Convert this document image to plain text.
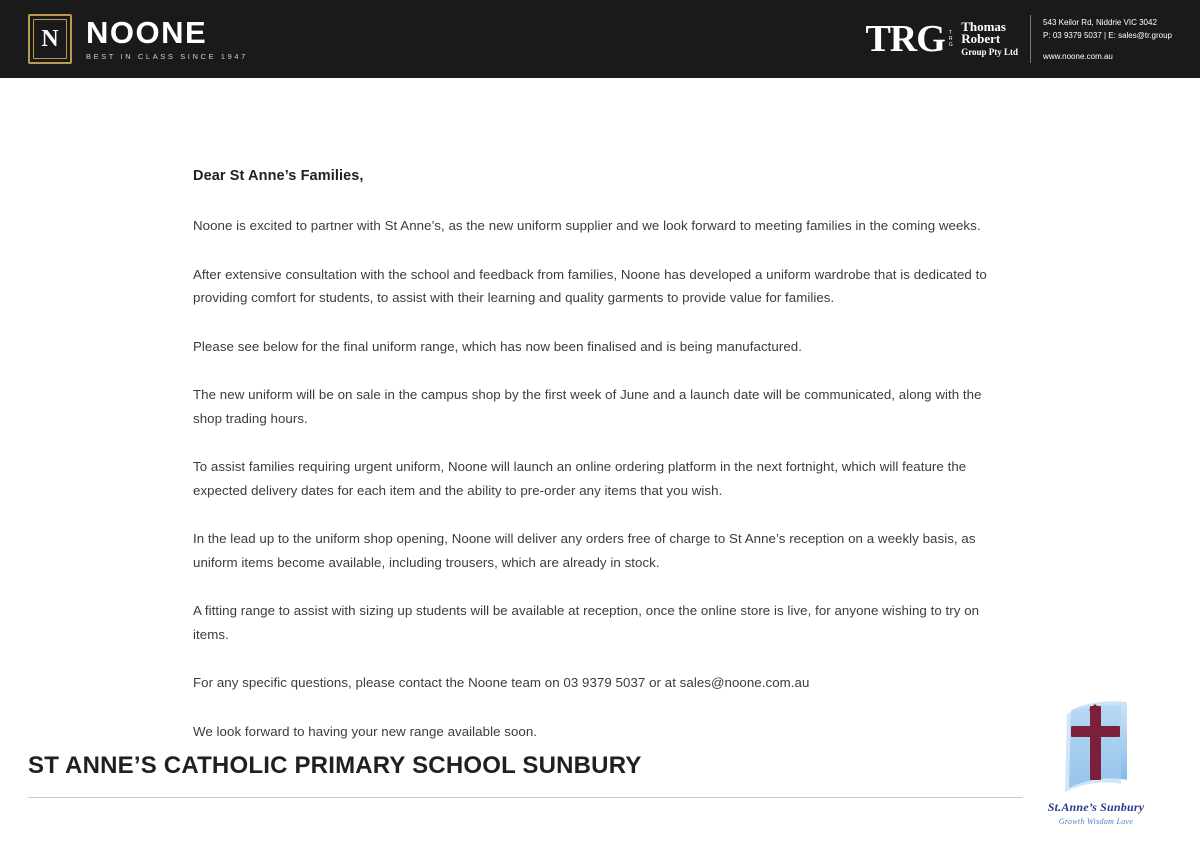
N NOONE
BEST IN CLASS SINCE 1947	TRG T
R
G
Thomas
Robert
Group Pty Ltd
543 Keilor Rd, Niddrie VIC 3042
P: 03 9379 5037 | E: sales@tr.group
www.noone.com.au

Dear St Anne’s Families,

Noone is excited to partner with St Anne’s, as the new uniform supplier and we look forward to meeting families in the coming weeks.

After extensive consultation with the school and feedback from families, Noone has developed a uniform wardrobe that is dedicated to providing comfort for students, to assist with their learning and quality garments to provide value for families.

Please see below for the final uniform range, which has now been finalised and is being manufactured.

The new uniform will be on sale in the campus shop by the first week of June and a launch date will be communicated, along with the shop trading hours.

To assist families requiring urgent uniform, Noone will launch an online ordering platform in the next fortnight, which will feature the expected delivery dates for each item and the ability to pre-order any items that you wish.

In the lead up to the uniform shop opening, Noone will deliver any orders free of charge to St Anne’s reception on a weekly basis, as uniform items become available, including trousers, which are already in stock.

A fitting range to assist with sizing up students will be available at reception, once the online store is live, for anyone wishing to try on items.

For any specific questions, please contact the Noone team on 03 9379 5037 or at sales@noone.com.au

We look forward to having your new range available soon.

ST ANNE’S CATHOLIC PRIMARY SCHOOL SUNBURY
St.Anne’s Sunbury
Growth Wisdom Love
